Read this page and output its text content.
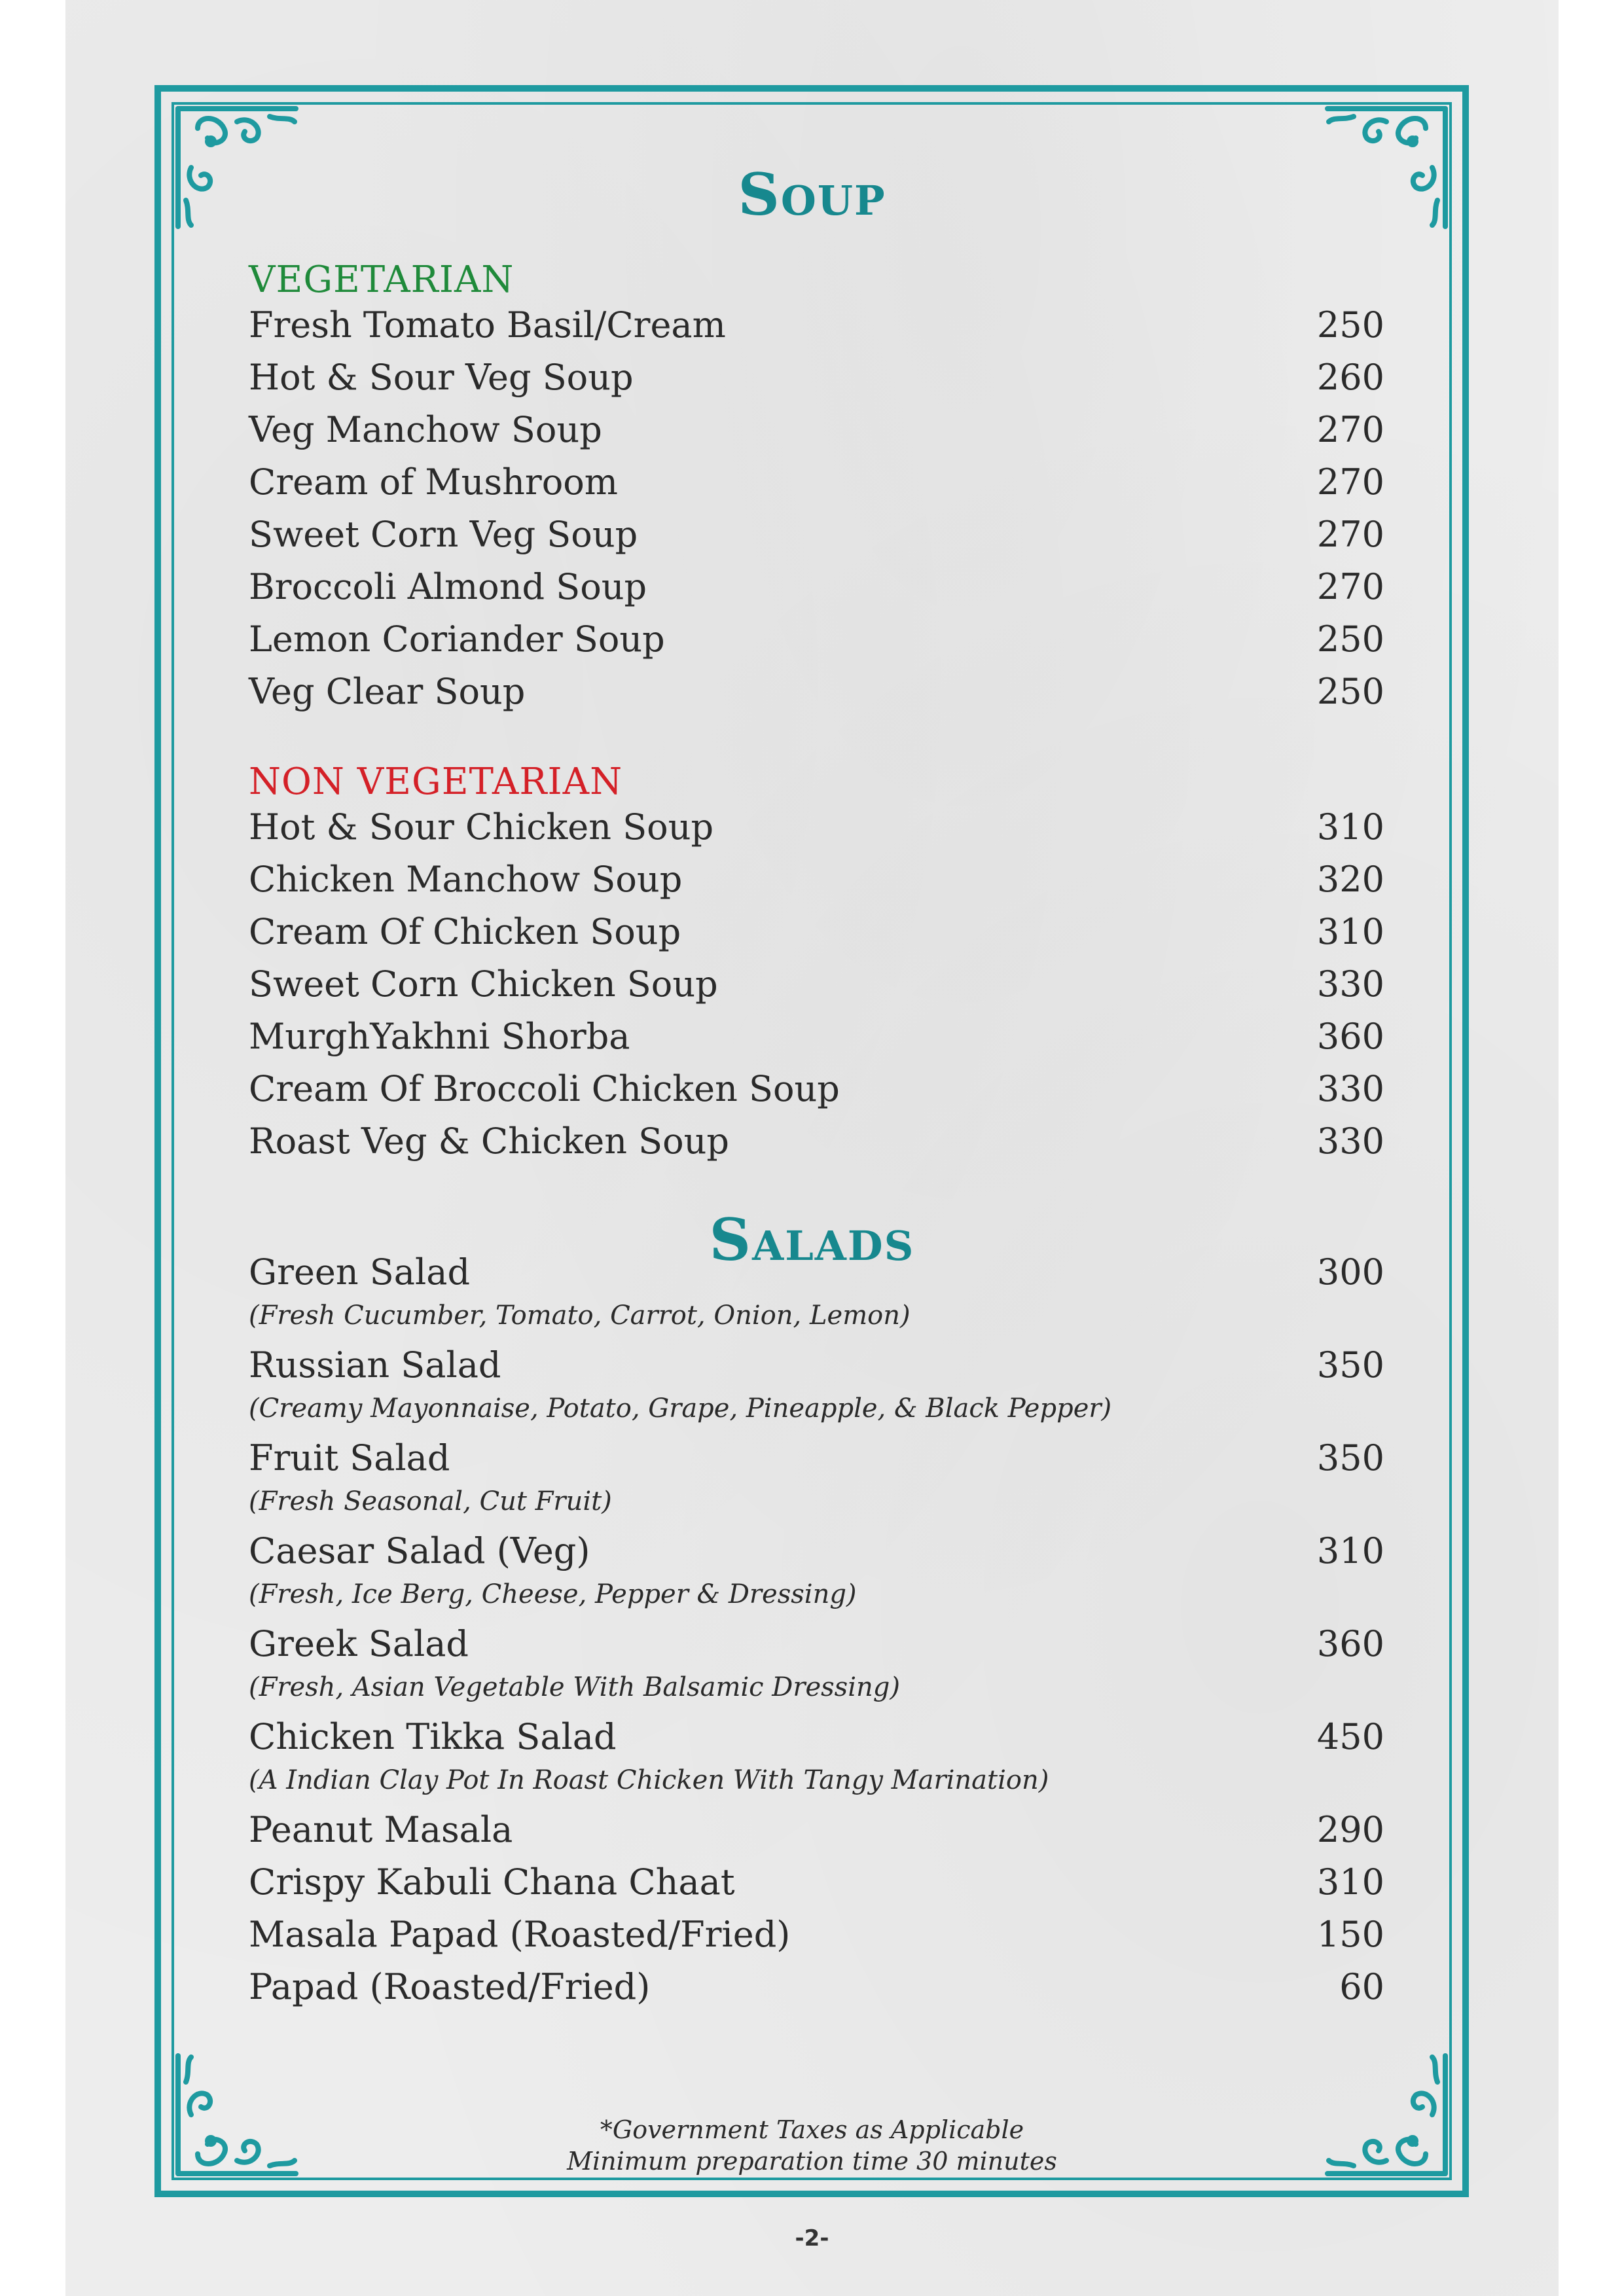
Soup
VEGETARIAN
Fresh Tomato Basil/Cream	250
Hot & Sour Veg Soup	260
Veg Manchow Soup	270
Cream of Mushroom	270
Sweet Corn Veg Soup	270
Broccoli Almond Soup	270
Lemon Coriander Soup	250
Veg Clear Soup	250
NON VEGETARIAN
Hot & Sour Chicken Soup	310
Chicken Manchow Soup	320
Cream Of Chicken Soup	310
Sweet Corn Chicken Soup	330
MurghYakhni Shorba	360
Cream Of Broccoli Chicken Soup	330
Roast Veg & Chicken Soup	330
Salads
Green Salad	300
(Fresh Cucumber, Tomato, Carrot, Onion, Lemon)
Russian Salad	350
(Creamy Mayonnaise, Potato, Grape, Pineapple, & Black Pepper)
Fruit Salad	350
(Fresh Seasonal, Cut Fruit)
Caesar Salad (Veg)	310
(Fresh, Ice Berg, Cheese, Pepper & Dressing)
Greek Salad	360
(Fresh, Asian Vegetable With Balsamic Dressing)
Chicken Tikka Salad	450
(A Indian Clay Pot In Roast Chicken With Tangy Marination)
Peanut Masala	290
Crispy Kabuli Chana Chaat	310
Masala Papad (Roasted/Fried)	150
Papad (Roasted/Fried)	60
*Government Taxes as Applicable
Minimum preparation time 30 minutes
-2-
